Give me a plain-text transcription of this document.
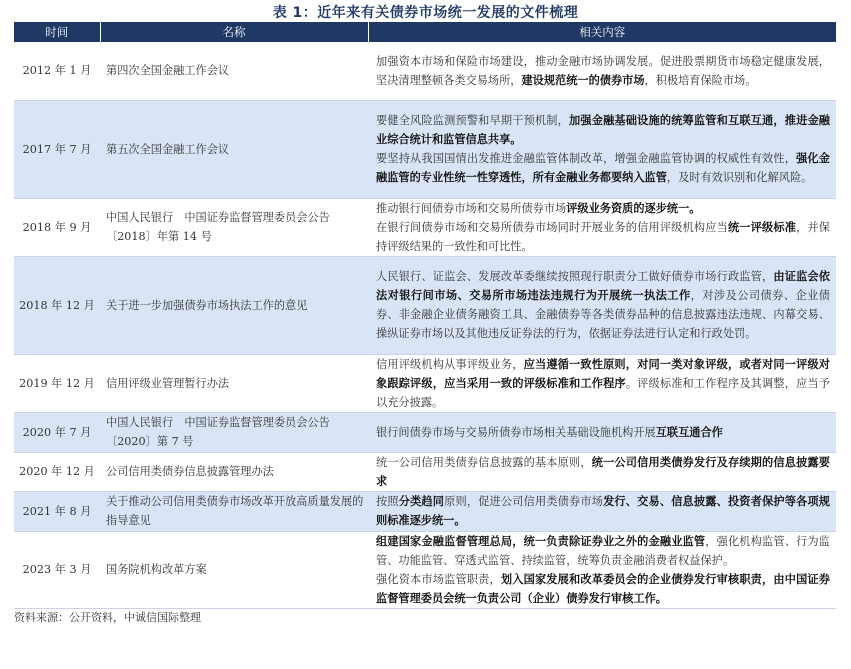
表 1：近年来有关债券市场统一发展的文件梳理
时间	名称	相关内容
2012 年 1 月	第四次全国金融工作会议	加强资本市场和保险市场建设，推动金融市场协调发展。促进股票期货市场稳定健康发展，坚决清理整顿各类交易场所，建设规范统一的债券市场，积极培育保险市场。

2017 年 7 月	第五次全国金融工作会议	要健全风险监测预警和早期干预机制，加强金融基础设施的统筹监管和互联互通，推进金融业综合统计和监管信息共享。
要坚持从我国国情出发推进金融监管体制改革，增强金融监管协调的权威性有效性，强化金融监管的专业性统一性穿透性，所有金融业务都要纳入监管，及时有效识别和化解风险。

2018 年 9 月	中国人民银行　中国证券监督管理委员会公告〔2018〕年第 14 号	推动银行间债券市场和交易所债券市场评级业务资质的逐步统一。
在银行间债券市场和交易所债券市场同时开展业务的信用评级机构应当统一评级标准，并保持评级结果的一致性和可比性。

2018 年 12 月	关于进一步加强债券市场执法工作的意见	人民银行、证监会、发展改革委继续按照现行职责分工做好债券市场行政监管，由证监会依法对银行间市场、交易所市场违法违规行为开展统一执法工作，对涉及公司债券、企业债券、非金融企业债务融资工具、金融债券等各类债券品种的信息披露违法违规、内幕交易、操纵证券市场以及其他违反证券法的行为，依据证券法进行认定和行政处罚。

2019 年 12 月	信用评级业管理暂行办法	信用评级机构从事评级业务，应当遵循一致性原则，对同一类对象评级，或者对同一评级对象跟踪评级，应当采用一致的评级标准和工作程序。评级标准和工作程序及其调整，应当予以充分披露。

2020 年 7 月	中国人民银行　中国证券监督管理委员会公告〔2020〕第 7 号	银行间债券市场与交易所债券市场相关基础设施机构开展互联互通合作

2020 年 12 月	公司信用类债券信息披露管理办法	统一公司信用类债券信息披露的基本原则，统一公司信用类债券发行及存续期的信息披露要求

2021 年 8 月	关于推动公司信用类债券市场改革开放高质量发展的指导意见	按照分类趋同原则，促进公司信用类债券市场发行、交易、信息披露、投资者保护等各项规则标准逐步统一。

2023 年 3 月	国务院机构改革方案	组建国家金融监督管理总局，统一负责除证券业之外的金融业监管，强化机构监管、行为监管、功能监管、穿透式监管、持续监管，统筹负责金融消费者权益保护。
强化资本市场监管职责，划入国家发展和改革委员会的企业债券发行审核职责，由中国证券监督管理委员会统一负责公司（企业）债券发行审核工作。
资料来源：公开资料，中诚信国际整理
